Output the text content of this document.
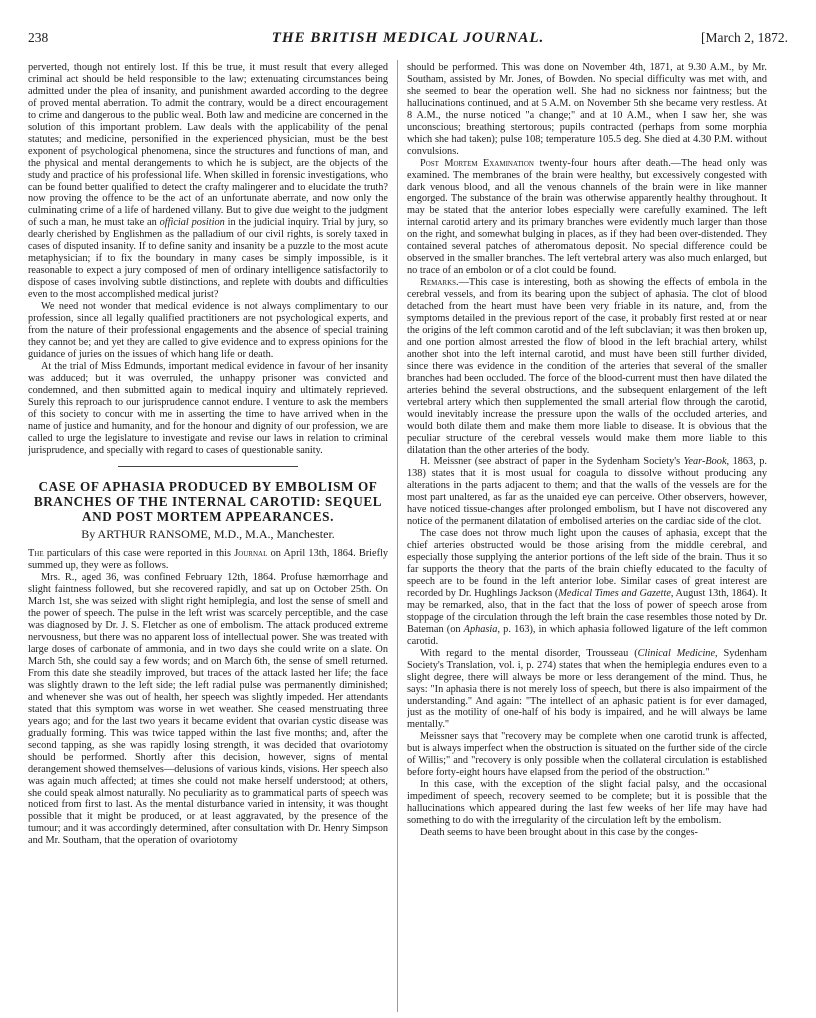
238	THE BRITISH MEDICAL JOURNAL.	[March 2, 1872.

perverted, though not entirely lost. If this be true, it must result that every alleged criminal act should be held responsible to the law; extenuating circumstances being admitted under the plea of insanity, and punishment awarded according to the degree of proved mental aberration. To admit the contrary, would be a direct encouragement to crime and dangerous to the public weal. Both law and medicine are concerned in the solution of this important problem. Law deals with the applicability of the penal statutes; and medicine, personified in the experienced physician, must be the best exponent of psychological phenomena, since the structures and functions of man, and the physical and mental derangements to which he is subject, are the objects of the study and practice of his professional life. When skilled in forensic investigations, who can be found better qualified to detect the crafty malingerer and to elucidate the truth? now proving the offence to be the act of an unfortunate aberrate, and now only the culminating crime of a life of hardened villany. But to give due weight to the judgment of such a man, he must take an official position in the judicial inquiry. Trial by jury, so dearly cherished by Englishmen as the palladium of our civil rights, is sorely taxed in cases of disputed insanity. If to define sanity and insanity be a puzzle to the most acute metaphysician; if to fix the boundary in many cases be simply impossible, is it reasonable to expect a jury composed of men of ordinary intelligence satisfactorily to dispose of cases involving subtle distinctions, and replete with doubts and difficulties even to the most accomplished medical jurist?

We need not wonder that medical evidence is not always complimentary to our profession, since all legally qualified practitioners are not psychological experts, and from the nature of their professional engagements and the absence of special training they cannot be; and yet they are called to give evidence and to express opinions for the guidance of juries on the issues of which hang life or death.

At the trial of Miss Edmunds, important medical evidence in favour of her insanity was adduced; but it was overruled, the unhappy prisoner was convicted and condemned, and then submitted again to medical inquiry and ultimately reprieved. Surely this reproach to our jurisprudence cannot endure. I venture to ask the members of this society to concur with me in asserting the time to have arrived when in the name of justice and humanity, and for the honour and dignity of our profession, we are called to urge the legislature to investigate and revise our laws in relation to criminal jurisprudence, and specially with regard to cases of questionable sanity.

CASE OF APHASIA PRODUCED BY EMBOLISM OF BRANCHES OF THE INTERNAL CAROTID: SEQUEL AND POST MORTEM APPEARANCES.
By ARTHUR RANSOME, M.D., M.A., Manchester.

The particulars of this case were reported in this Journal on April 13th, 1864. Briefly summed up, they were as follows.

Mrs. R., aged 36, was confined February 12th, 1864. Profuse hæmorrhage and slight faintness followed, but she recovered rapidly, and sat up on October 25th. On March 1st, she was seized with slight right hemiplegia, and lost the sense of smell and the power of speech. The pulse in the left wrist was scarcely perceptible, and the case was diagnosed by Dr. J. S. Fletcher as one of embolism. The attack produced extreme nervousness, but there was no apparent loss of intellectual power. She was treated with large doses of carbonate of ammonia, and in two days she could write on a slate. On March 5th, she could say a few words; and on March 6th, the sense of smell returned. From this date she steadily improved, but traces of the attack lasted her life; the face was slightly drawn to the left side; the left radial pulse was permanently diminished; and whenever she was out of health, her speech was slightly impeded. Her attendants stated that this symptom was worse in wet weather. She ceased menstruating three years ago; and for the last two years it became evident that ovarian cystic disease was gradually forming. This was twice tapped within the last five months; and, after the second tapping, as she was rapidly losing strength, it was decided that ovariotomy should be performed. Shortly after this decision, however, signs of mental derangement showed themselves—delusions of various kinds, visions. Her speech also was again much affected; at times she could not make herself understood; at others, she could speak almost naturally. No peculiarity as to grammatical parts of speech was noticed from first to last. As the mental disturbance varied in intensity, it was thought possible that it might be produced, or at least aggravated, by the presence of the tumour; and it was accordingly determined, after consultation with Dr. Henry Simpson and Mr. Southam, that the operation of ovariotomy

should be performed. This was done on November 4th, 1871, at 9.30 A.M., by Mr. Southam, assisted by Mr. Jones, of Bowden. No special difficulty was met with, and she seemed to bear the operation well. She had no sickness nor faintness; but the hallucinations continued, and at 5 A.M. on November 5th she became very restless. At 8 A.M., the nurse noticed "a change;" and at 10 A.M., when I saw her, she was unconscious; breathing stertorous; pupils contracted (perhaps from some morphia which she had taken); pulse 108; temperature 105.5 deg. She died at 4.30 P.M. without convulsions.

Post Mortem Examination twenty-four hours after death.—The head only was examined. The membranes of the brain were healthy, but excessively congested with dark venous blood, and all the venous channels of the brain were in like manner engorged. The substance of the brain was otherwise apparently healthy throughout. It may be stated that the anterior lobes especially were carefully examined. The left internal carotid artery and its primary branches were evidently much larger than those on the right, and somewhat bulging in places, as if they had been over-distended. They contained several patches of atheromatous deposit. No special difference could be observed in the smaller branches. The left vertebral artery was also much enlarged, but no trace of an embolon or of a clot could be found.

Remarks.—This case is interesting, both as showing the effects of embola in the cerebral vessels, and from its bearing upon the subject of aphasia. The clot of blood detached from the heart must have been very friable in its nature, and, from the symptoms detailed in the previous report of the case, it probably first rested at or near the origins of the left common carotid and of the left subclavian; it was then broken up, and one portion almost arrested the flow of blood in the left brachial artery, whilst another shot into the left internal carotid, and must have been still further divided, since there was evidence in the condition of the arteries that several of the smaller branches had been occluded. The force of the blood-current must then have dilated the arteries behind the several obstructions, and the subsequent enlargement of the left vertebral artery which then supplemented the small arterial flow through the carotid, would inevitably increase the pressure upon the walls of the occluded arteries, and would both dilate them and make them more liable to disease. It is obvious that the peculiar structure of the cerebral vessels would make them more liable to this dilatation than the other arteries of the body.

H. Meissner (see abstract of paper in the Sydenham Society's Year-Book, 1863, p. 138) states that it is most usual for coagula to dissolve without producing any alterations in the parts adjacent to them; and that the walls of the vessels are for the most part unaltered, as far as the unaided eye can perceive. Other observers, however, have noticed tissue-changes after prolonged embolism, but I have not discovered any notice of the permanent dilatation of embolised arteries on the cardiac side of the clot.

The case does not throw much light upon the causes of aphasia, except that the chief arteries obstructed would be those arising from the middle cerebral, and especially those supplying the anterior portions of the left side of the brain. Thus it so far supports the theory that the parts of the brain chiefly educated to the faculty of speech are to be found in the left anterior lobe. Similar cases of great interest are recorded by Dr. Hughlings Jackson (Medical Times and Gazette, August 13th, 1864). It may be remarked, also, that in the fact that the loss of power of speech arose from stoppage of the circulation through the left brain the case resembles those noted by Dr. Bateman (on Aphasia, p. 163), in which aphasia followed ligature of the left common carotid.

With regard to the mental disorder, Trousseau (Clinical Medicine, Sydenham Society's Translation, vol. i, p. 274) states that when the hemiplegia endures even to a slight degree, there will always be more or less derangement of the mind. Thus, he says: "In aphasia there is not merely loss of speech, but there is also impairment of the understanding." And again: "The intellect of an aphasic patient is for ever damaged, just as the motility of one-half of his body is impaired, and he will always be lame mentally."

Meissner says that "recovery may be complete when one carotid trunk is affected, but is always imperfect when the obstruction is situated on the further side of the circle of Willis;" and "recovery is only possible when the collateral circulation is established before forty-eight hours have elapsed from the period of the obstruction."

In this case, with the exception of the slight facial palsy, and the occasional impediment of speech, recovery seemed to be complete; but it is possible that the hallucinations which appeared during the last few weeks of her life may have had something to do with the irregularity of the circulation left by the embolism.

Death seems to have been brought about in this case by the conges-
